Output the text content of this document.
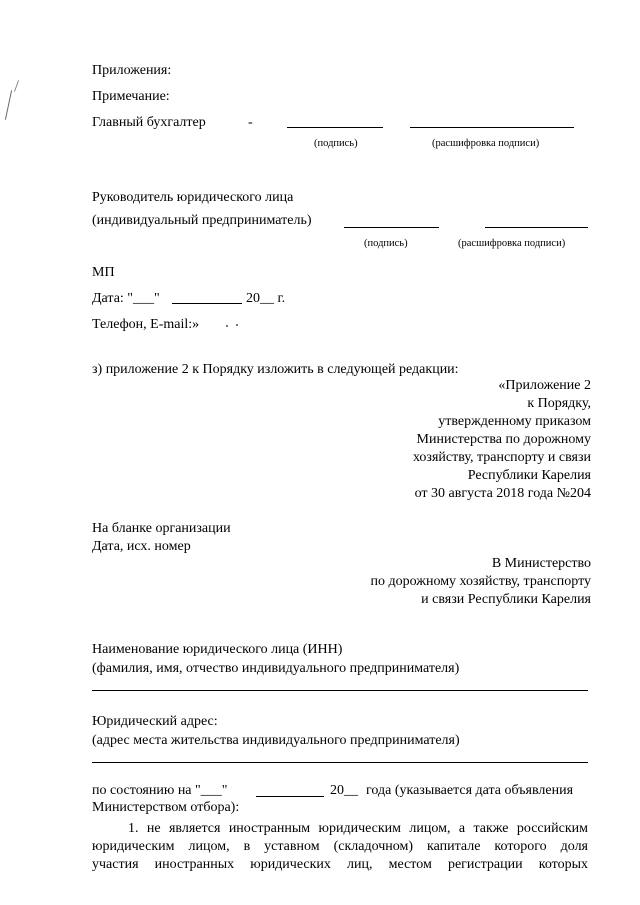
Приложения:
Примечание:
Главный бухгалтер	-
(подпись)	(расшифровка подписи)
Руководитель юридического лица
(индивидуальный предприниматель)
(подпись)	(расшифровка подписи)
МП
Дата: "___"	20__ г.
Телефон, E-mail:»
з) приложение 2 к Порядку изложить в следующей редакции:
«Приложение 2
к Порядку,
утвержденному приказом
Министерства по дорожному
хозяйству, транспорту и связи
Республики Карелия
от 30 августа 2018 года №204
На бланке организации
Дата, исх. номер
В Министерство
по дорожному хозяйству, транспорту
и связи Республики Карелия
Наименование юридического лица (ИНН)
(фамилия, имя, отчество индивидуального предпринимателя)
Юридический адрес:
(адрес места жительства индивидуального предпринимателя)
по состоянию на "___"	20__ года (указывается дата объявления
Министерством отбора):
1. не является иностранным юридическим лицом, а также российским
юридическим лицом, в уставном (складочном) капитале которого доля
участия иностранных юридических лиц, местом регистрации которых
